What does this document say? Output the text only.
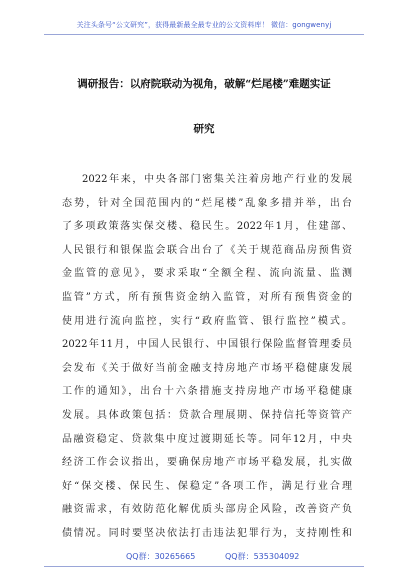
关注头条号“公文研究”，获得最新最全最专业的公文资料库！ 微信：gongwenyj
调研报告：以府院联动为视角，破解“烂尾楼”难题实证
研究
2022年来，中央各部门密集关注着房地产行业的发展
态势，针对全国范围内的“烂尾楼”乱象多措并举，出台
了多项政策落实保交楼、稳民生。2022年1月，住建部、
人民银行和银保监会联合出台了《关于规范商品房预售资
金监管的意见》，要求采取“全额全程、流向流量、监测
监管”方式，所有预售资金纳入监管，对所有预售资金的
使用进行流向监控，实行“政府监管、银行监控”模式。
2022年11月，中国人民银行、中国银行保险监督管理委员
会发布《关于做好当前金融支持房地产市场平稳健康发展
工作的通知》，出台十六条措施支持房地产市场平稳健康
发展。具体政策包括：贷款合理展期、保持信托等资管产
品融资稳定、贷款集中度过渡期延长等。同年12月，中央
经济工作会议指出，要确保房地产市场平稳发展，扎实做
好“保交楼、保民生、保稳定”各项工作，满足行业合理
融资需求，有效防范化解优质头部房企风险，改善资产负
债情况。同时要坚决依法打击违法犯罪行为，支持刚性和
QQ群：30265665	QQ群：535304092
